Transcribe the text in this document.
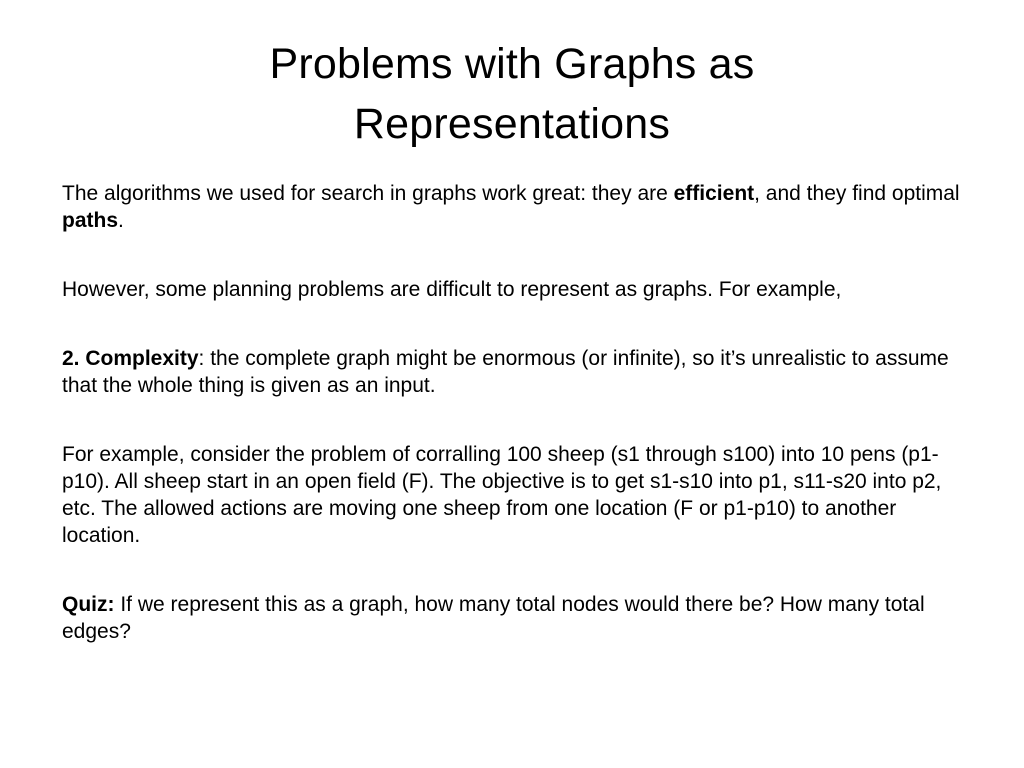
Problems with Graphs as
Representations

The algorithms we used for search in graphs work great: they are efficient, and they find optimal paths.

However, some planning problems are difficult to represent as graphs. For example,

2. Complexity: the complete graph might be enormous (or infinite), so it’s unrealistic to assume that the whole thing is given as an input.

For example, consider the problem of corralling 100 sheep (s1 through s100) into 10 pens (p1-p10). All sheep start in an open field (F). The objective is to get s1-s10 into p1, s11-s20 into p2, etc. The allowed actions are moving one sheep from one location (F or p1-p10) to another location.

Quiz: If we represent this as a graph, how many total nodes would there be? How many total edges?
